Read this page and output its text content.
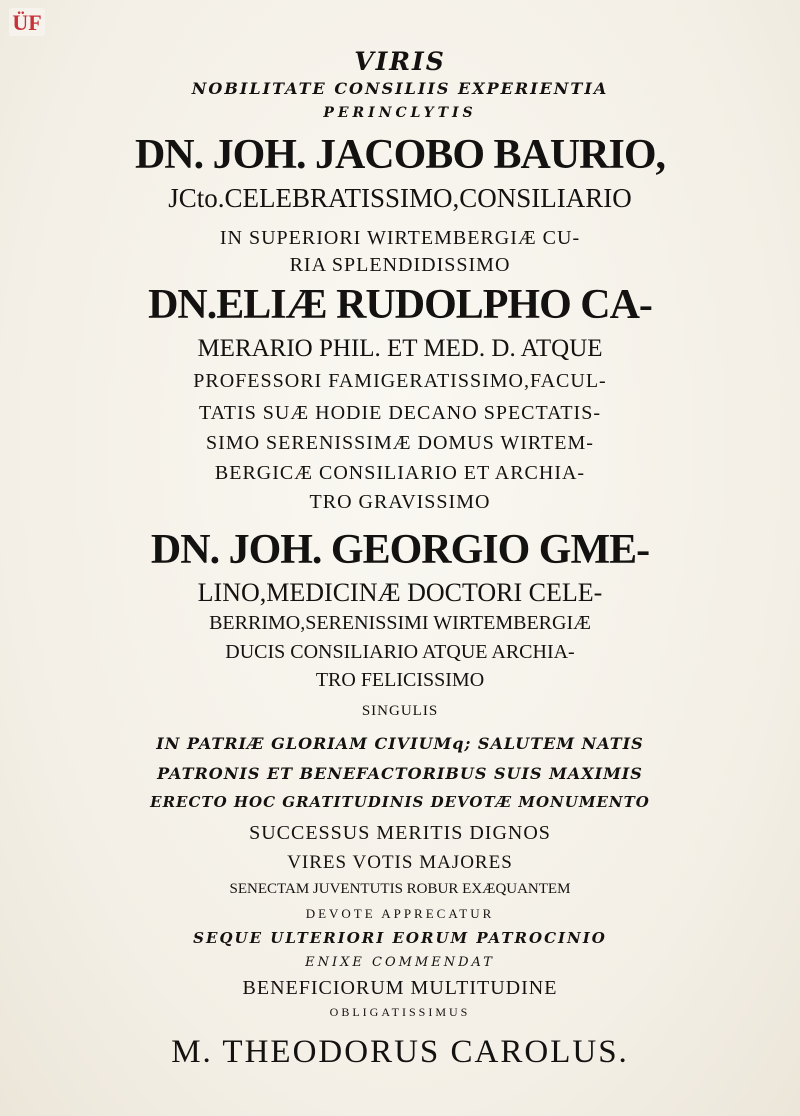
ÜF
VIRIS
NOBILITATE CONSILIIS EXPERIENTIA
PERINCLYTIS
DN. JOH. JACOBO BAURIO,
JCto.CELEBRATISSIMO,CONSILIARIO
IN SUPERIORI WIRTEMBERGIÆ CU-
RIA SPLENDIDISSIMO
DN.ELIÆ RUDOLPHO CA-
MERARIO PHIL. ET MED. D. ATQUE
PROFESSORI FAMIGERATISSIMO,FACUL-
TATIS SUÆ HODIE DECANO SPECTATIS-
SIMO SERENISSIMÆ DOMUS WIRTEM-
BERGICÆ CONSILIARIO ET ARCHIA-
TRO GRAVISSIMO
DN. JOH. GEORGIO GME-
LINO,MEDICINÆ DOCTORI CELE-
BERRIMO,SERENISSIMI WIRTEMBERGIÆ
DUCIS CONSILIARIO ATQUE ARCHIA-
TRO FELICISSIMO
SINGULIS
IN PATRIÆ GLORIAM CIVIUMq; SALUTEM NATIS
PATRONIS ET BENEFACTORIBUS SUIS MAXIMIS
ERECTO HOC GRATITUDINIS DEVOTÆ MONUMENTO
SUCCESSUS MERITIS DIGNOS
VIRES VOTIS MAJORES
SENECTAM JUVENTUTIS ROBUR EXÆQUANTEM
DEVOTE APPRECATUR
SEQUE ULTERIORI EORUM PATROCINIO
ENIXE COMMENDAT
BENEFICIORUM MULTITUDINE
OBLIGATISSIMUS
M. THEODORUS CAROLUS.
